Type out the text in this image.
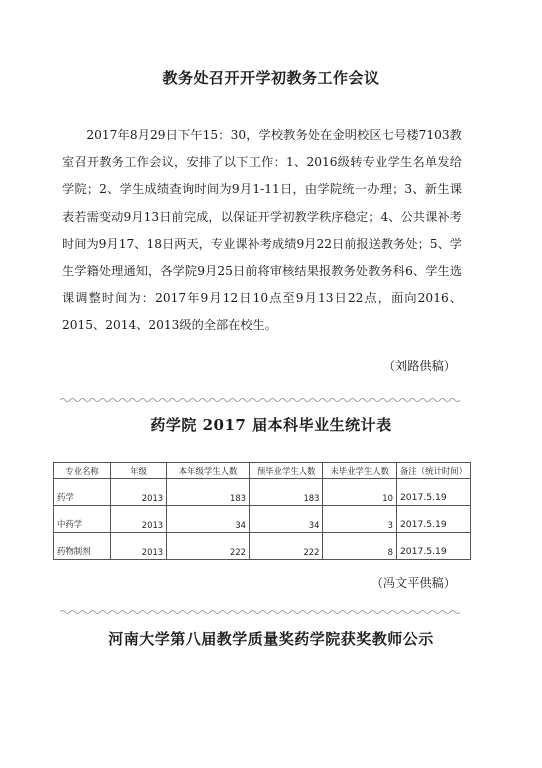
教务处召开开学初教务工作会议

2017年8月29日下午15：30，学校教务处在金明校区七号楼7103教室召开教务工作会议，安排了以下工作：1、2016级转专业学生名单发给学院；2、学生成绩查询时间为9月1-11日，由学院统一办理；3、新生课表若需变动9月13日前完成，以保证开学初教学秩序稳定；4、公共课补考时间为9月17、18日两天，专业课补考成绩9月22日前报送教务处；5、学生学籍处理通知，各学院9月25日前将审核结果报教务处教务科6、学生选课调整时间为：2017年9月12日10点至9月13日22点，面向2016、2015、2014、2013级的全部在校生。

（刘路供稿）
药学院 2017 届本科毕业生统计表
专业名称	年级	本年级学生人数	预毕业学生人数	未毕业学生人数	备注（统计时间）
药学	2013	183	183	10	2017.5.19
中药学	2013	34	34	3	2017.5.19
药物制剂	2013	222	222	8	2017.5.19
（冯文平供稿）
河南大学第八届教学质量奖药学院获奖教师公示
